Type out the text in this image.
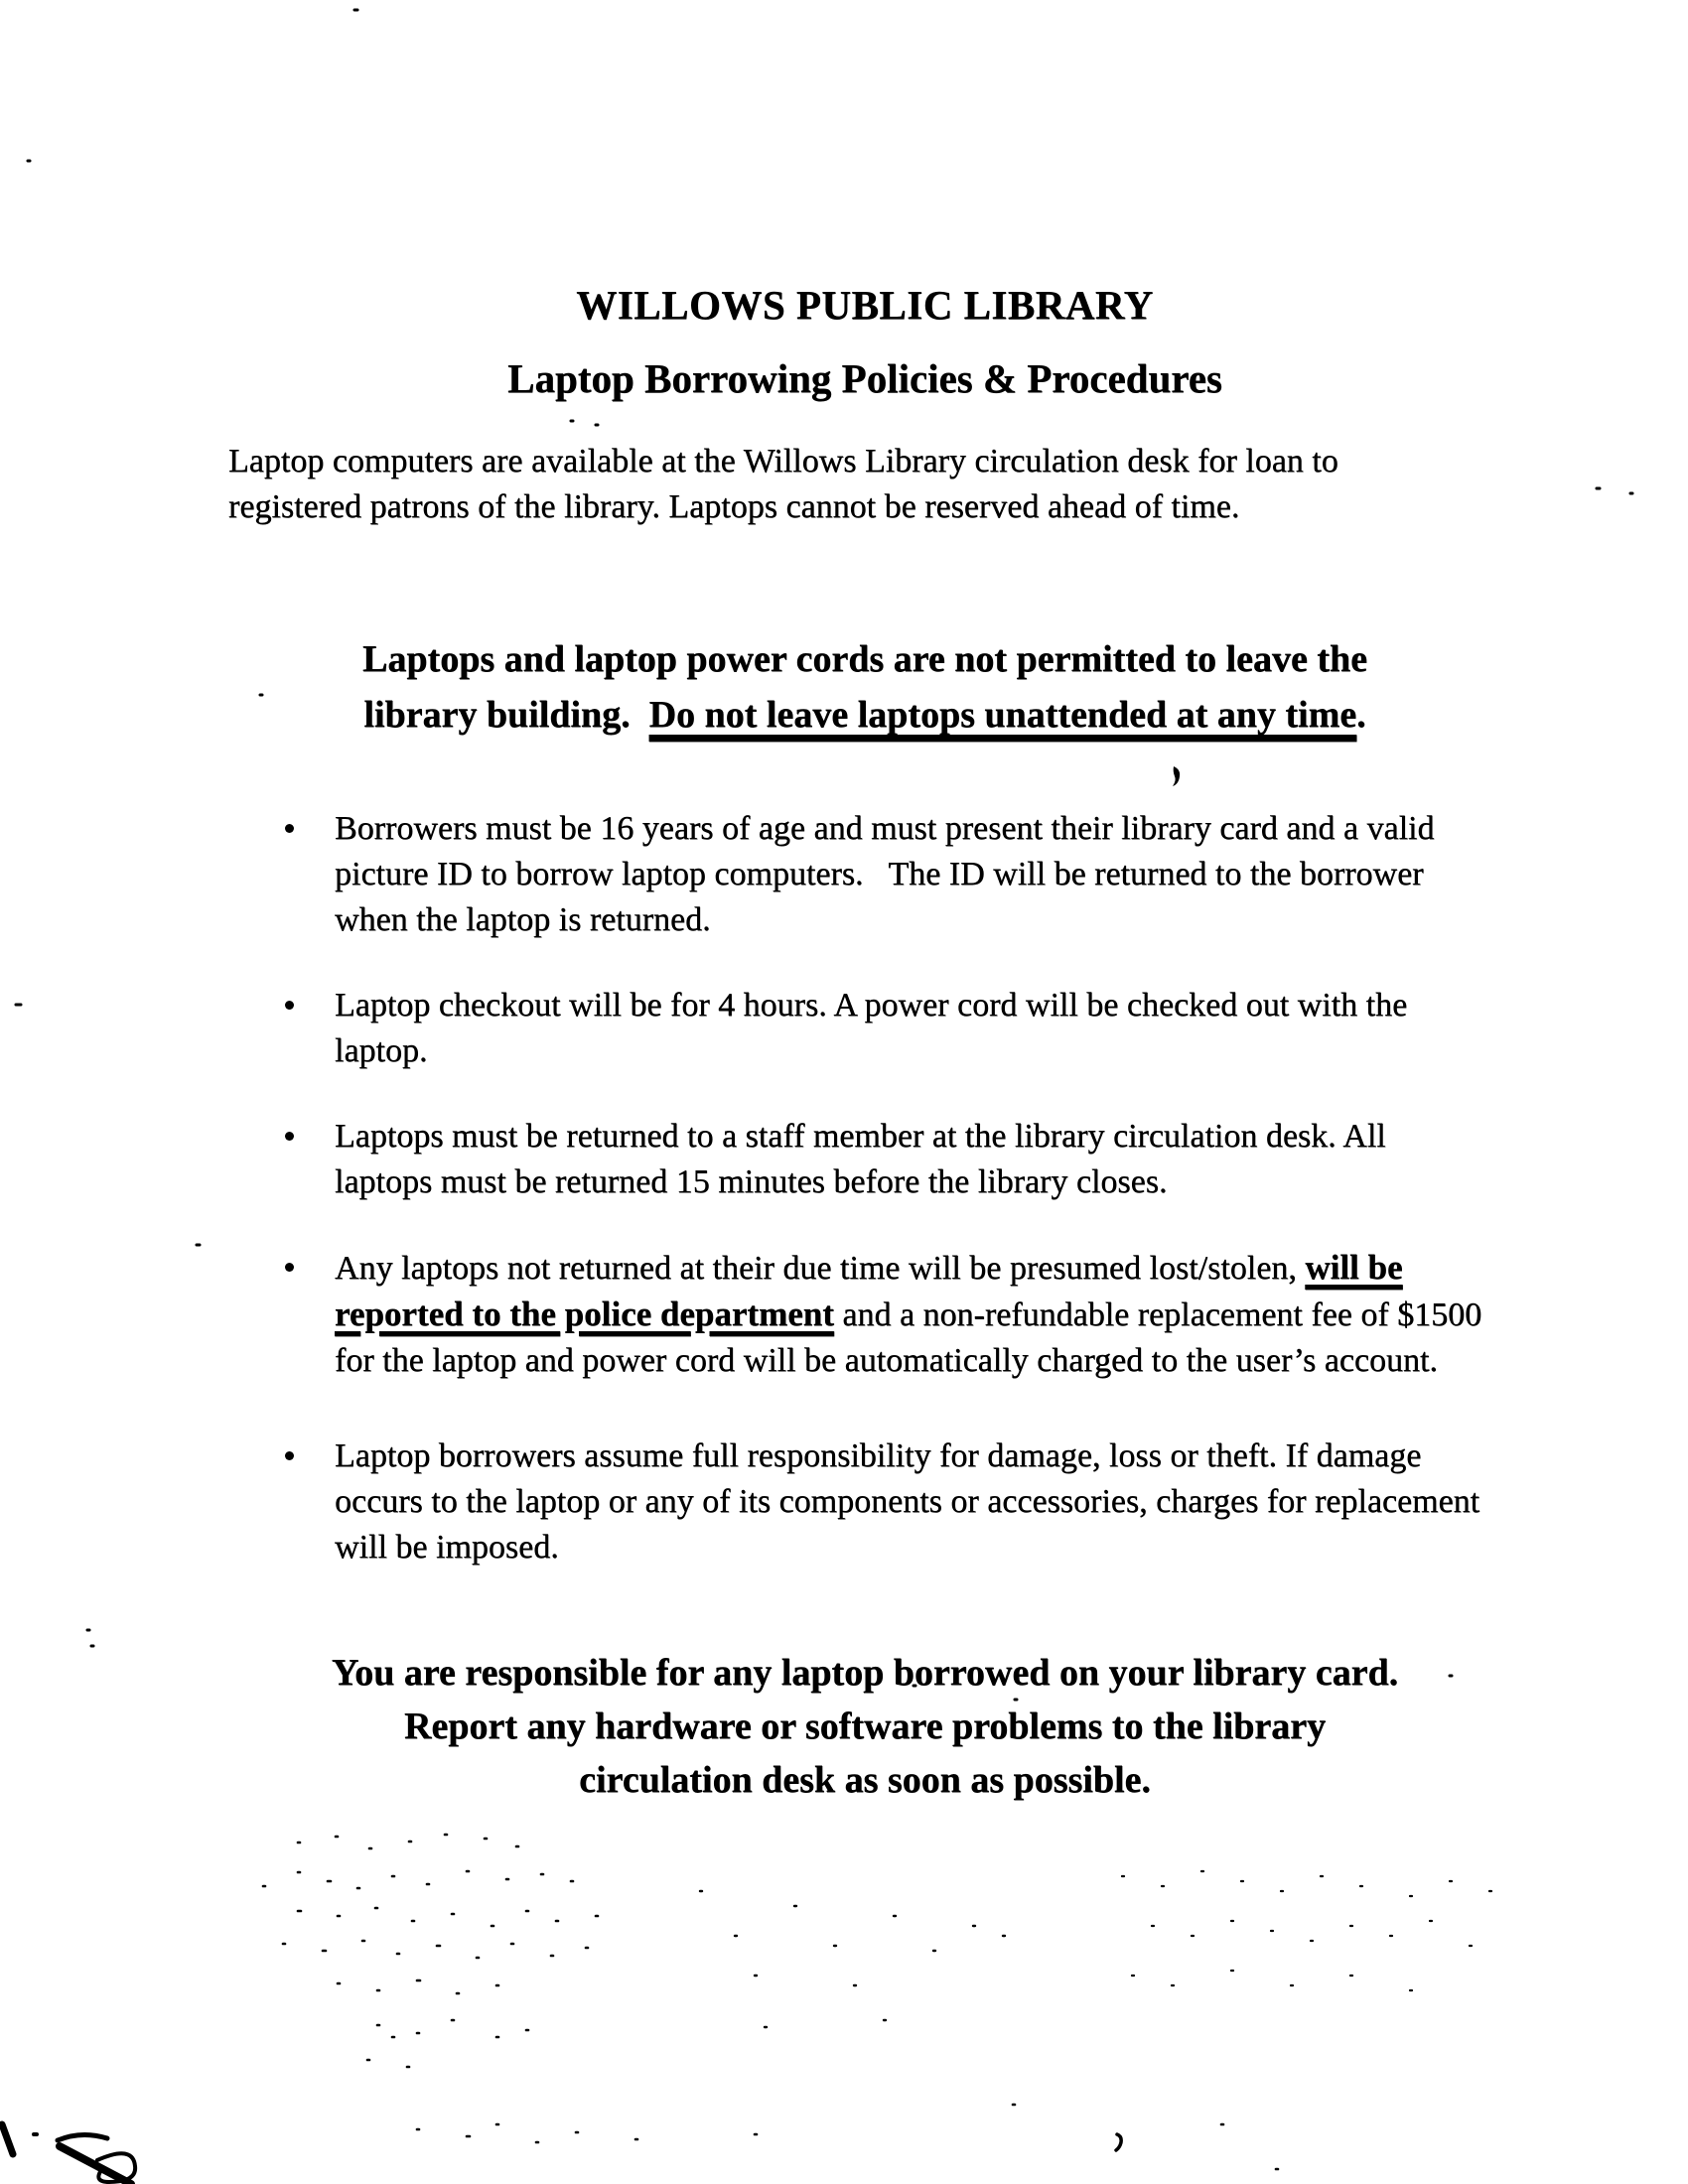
WILLOWS PUBLIC LIBRARY
Laptop Borrowing Policies & Procedures
Laptop computers are available at the Willows Library circulation desk for loan to
registered patrons of the library. Laptops cannot be reserved ahead of time.
Laptops and laptop power cords are not permitted to leave the
library building.  Do not leave laptops unattended at any time.
Borrowers must be 16 years of age and must present their library card and a valid picture ID to borrow laptop computers.   The ID will be returned to the borrower when the laptop is returned.
Laptop checkout will be for 4 hours. A power cord will be checked out with the laptop.
Laptops must be returned to a staff member at the library circulation desk. All laptops must be returned 15 minutes before the library closes.
Any laptops not returned at their due time will be presumed lost/stolen, will be reported to the police department and a non-refundable replacement fee of $1500 for the laptop and power cord will be automatically charged to the user’s account.
Laptop borrowers assume full responsibility for damage, loss or theft. If damage occurs to the laptop or any of its components or accessories, charges for replacement will be imposed.
You are responsible for any laptop borrowed on your library card.
Report any hardware or software problems to the library
circulation desk as soon as possible.
